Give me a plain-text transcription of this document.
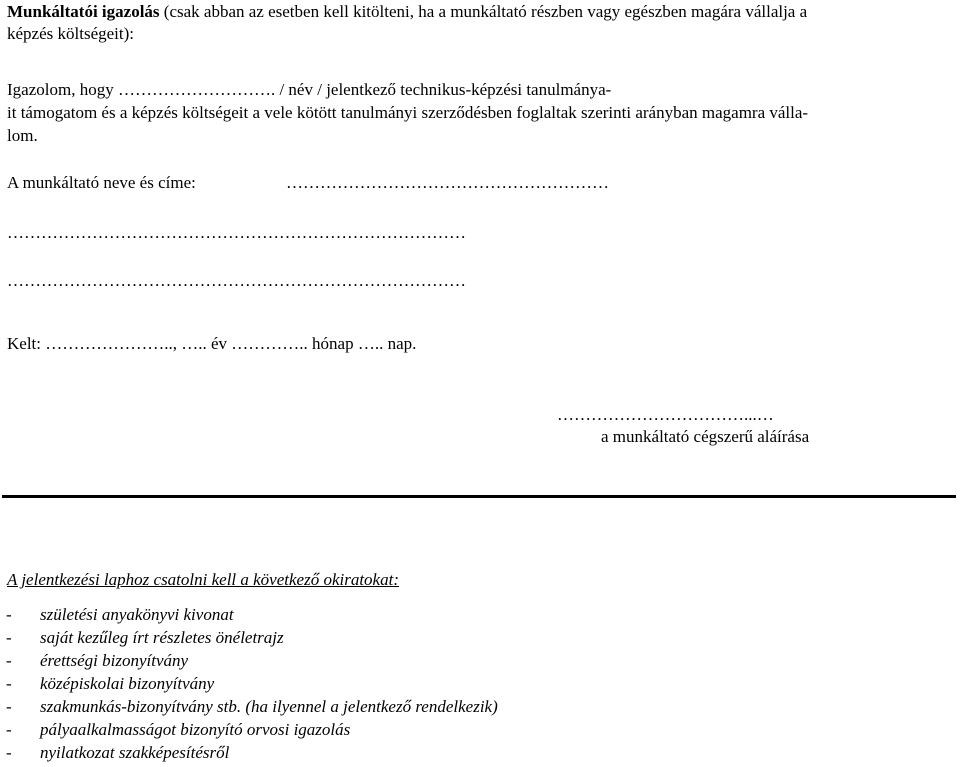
Munkáltatói igazolás (csak abban az esetben kell kitölteni, ha a munkáltató részben vagy egészben magára vállalja a
képzés költségeit):
Igazolom, hogy ………………………. / név / jelentkező technikus-képzési tanulmánya-
it támogatom és a képzés költségeit a vele kötött tanulmányi szerződésben foglaltak szerinti arányban magamra válla-
lom.
A munkáltató neve és címe:	…………………………………………………
………………………………………………………………………
………………………………………………………………………
Kelt: ………………….., ….. év ………….. hónap ….. nap.
……………………………...…
a munkáltató cégszerű aláírása
A jelentkezési laphoz csatolni kell a következő okiratokat:
- születési anyakönyvi kivonat
- saját kezűleg írt részletes önéletrajz
- érettségi bizonyítvány
- középiskolai bizonyítvány
- szakmunkás-bizonyítvány stb. (ha ilyennel a jelentkező rendelkezik)
- pályaalkalmasságot bizonyító orvosi igazolás
- nyilatkozat szakképesítésről
